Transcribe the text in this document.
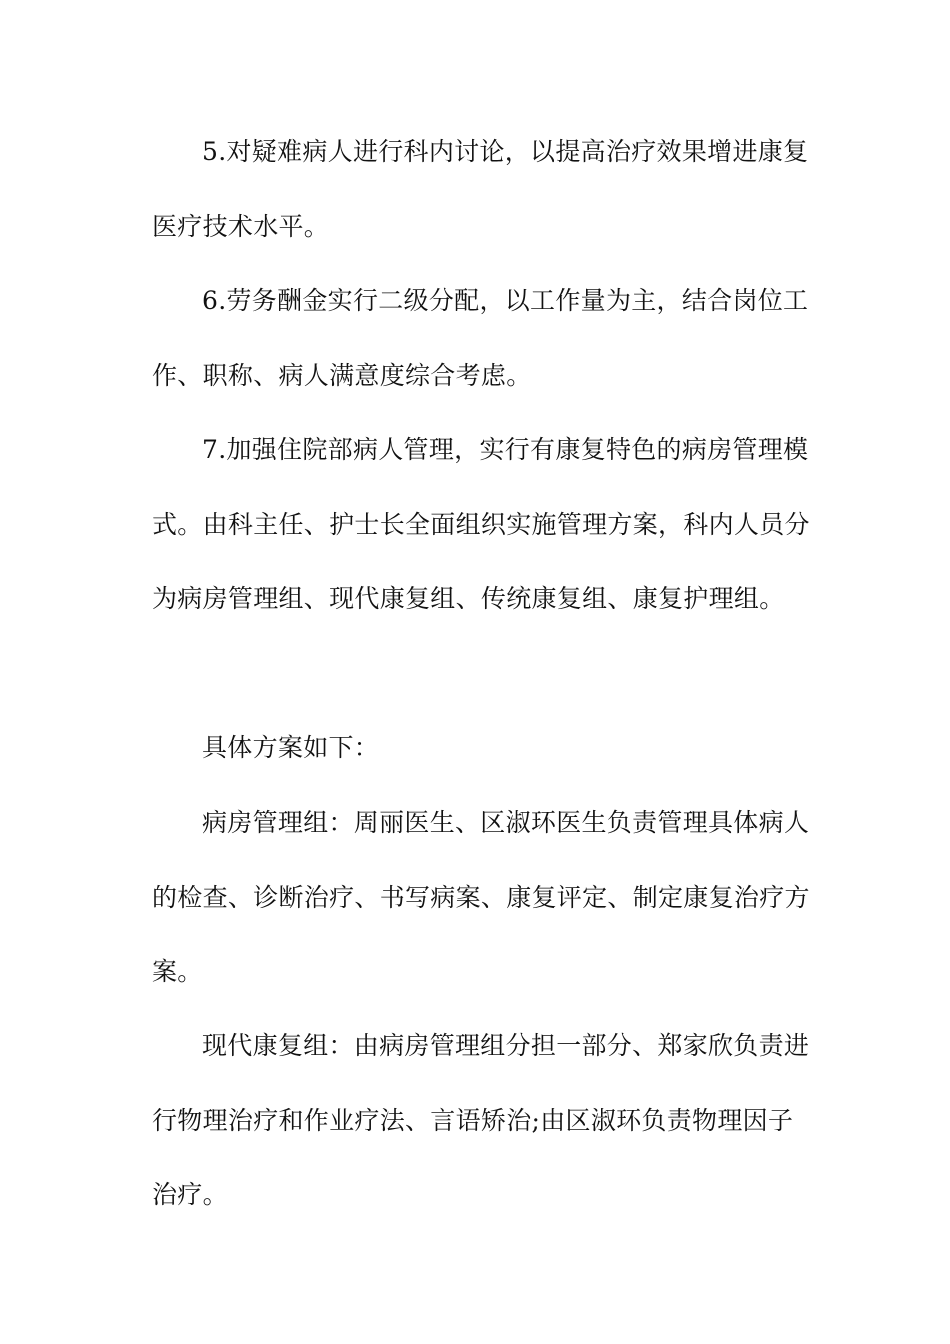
5.对疑难病人进行科内讨论，以提高治疗效果增进康复医疗技术水平。

6.劳务酬金实行二级分配，以工作量为主，结合岗位工作、职称、病人满意度综合考虑。

7.加强住院部病人管理，实行有康复特色的病房管理模式。由科主任、护士长全面组织实施管理方案，科内人员分为病房管理组、现代康复组、传统康复组、康复护理组。

具体方案如下：

病房管理组：周丽医生、区淑环医生负责管理具体病人的检查、诊断治疗、书写病案、康复评定、制定康复治疗方案。

现代康复组：由病房管理组分担一部分、郑家欣负责进行物理治疗和作业疗法、言语矫治;由区淑环负责物理因子治疗。
